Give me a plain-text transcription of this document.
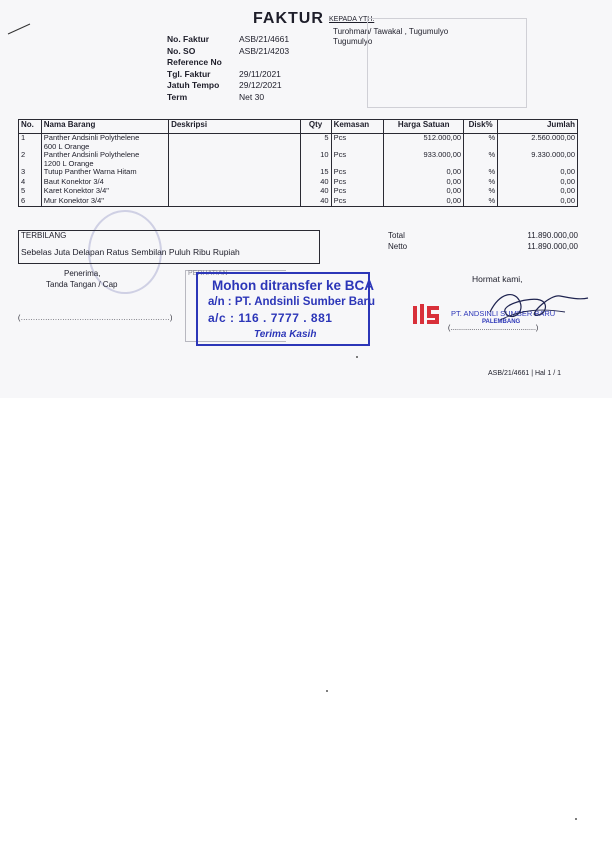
FAKTUR KEPADA YTH.
Turohman/ Tawakal , Tugumulyo
Tugumulyo
No. Faktur	ASB/21/4661
No. SO	ASB/21/4203
Reference No
Tgl. Faktur	29/11/2021
Jatuh Tempo 29/12/2021
Term	Net 30
No.	Nama Barang	Deskripsi	Qty	Kemasan	Harga Satuan	Disk%	Jumlah
1	Panther Andsinli Polythelene
600 L Orange		5	Pcs	512.000,00	%	2.560.000,00
2	Panther Andsinli Polythelene
1200 L Orange		10	Pcs	933.000,00	%	9.330.000,00
3	Tutup Panther Warna Hitam		15	Pcs	0,00	%	0,00
4	Baut Konektor 3/4		40	Pcs	0,00	%	0,00
5	Karet Konektor 3/4"		40	Pcs	0,00	%	0,00
6	Mur Konektor 3/4"		40	Pcs	0,00	%	0,00
TERBILANG
Sebelas Juta Delapan Ratus Sembilan Puluh Ribu Rupiah
Total	11.890.000,00
Netto	11.890.000,00
Penerima,
Tanda Tangan / Cap
(.............................................................)
PERHATIAN
Mohon ditransfer ke BCA
a/n : PT. Andsinli Sumber Baru
a/c : 116 . 7777 . 881
Terima Kasih
Hormat kami,
PT. ANDSINLI SUMBER BARU
PALEMBANG
(............................................)
ASB/21/4661 | Hal 1 / 1
